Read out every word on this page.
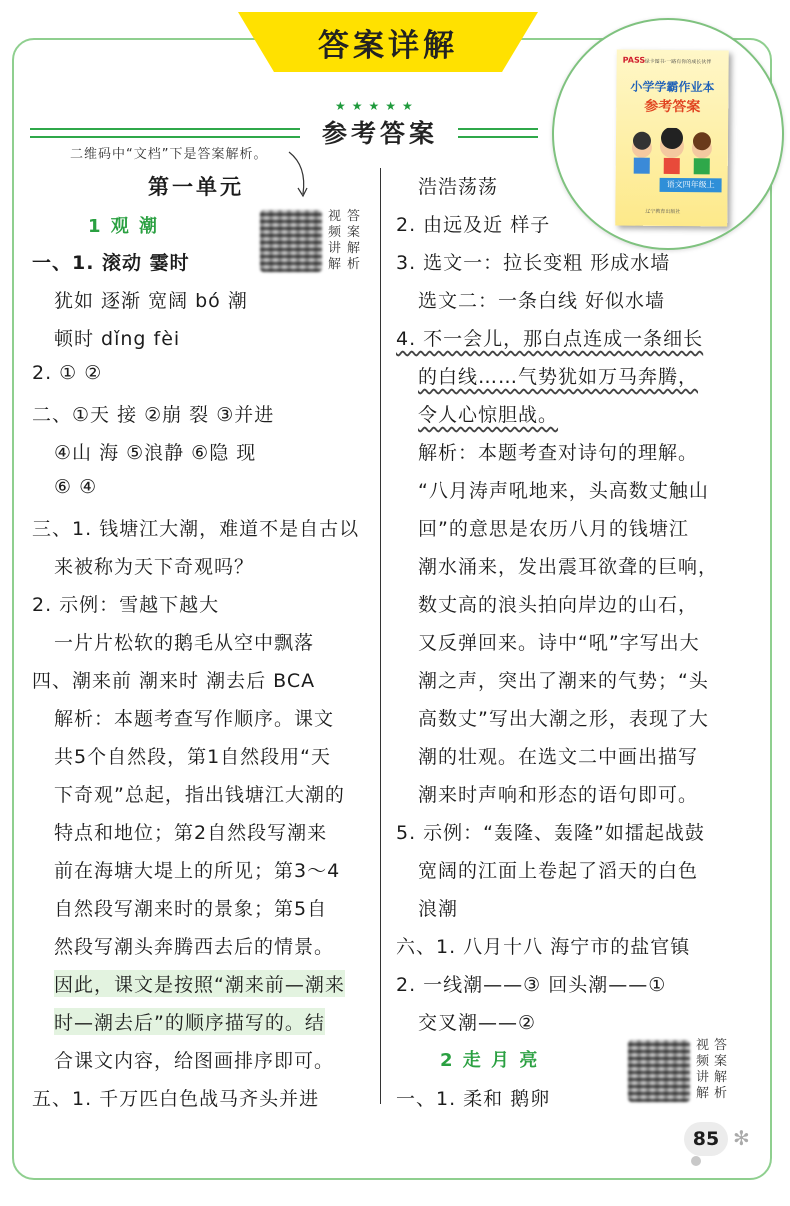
答案详解
★★★★★
参考答案
二维码中“文档”下是答案解析。
PASS 绿卡图书·一路有你的成长伙伴
小学学霸作业本
参考答案
语文四年级上
辽宁教育出版社
第一单元
1 观 潮	视
频
讲
解
答
案
解
析
一、1. 滚动 霎时
犹如 逐渐 宽阔 bó 潮
顿时 dǐng fèi
2. ① ②
二、①天 接 ②崩 裂 ③并进
④山 海 ⑤浪静 ⑥隐 现
⑥ ④
三、1. 钱塘江大潮，难道不是自古以
来被称为天下奇观吗？
2. 示例：雪越下越大
一片片松软的鹅毛从空中飘落
四、潮来前 潮来时 潮去后 BCA
解析：本题考查写作顺序。课文
共5个自然段，第1自然段用“天
下奇观”总起，指出钱塘江大潮的
特点和地位；第2自然段写潮来
前在海塘大堤上的所见；第3～4
自然段写潮来时的景象；第5自
然段写潮头奔腾西去后的情景。
因此，课文是按照“潮来前—潮来
时—潮去后”的顺序描写的。结
合课文内容，给图画排序即可。
五、1. 千万匹白色战马齐头并进
浩浩荡荡
2. 由远及近 样子
3. 选文一：拉长变粗 形成水墙
选文二：一条白线 好似水墙
4. 不一会儿，那白点连成一条细长
的白线……气势犹如万马奔腾，
令人心惊胆战。
解析：本题考查对诗句的理解。
“八月涛声吼地来，头高数丈触山
回”的意思是农历八月的钱塘江
潮水涌来，发出震耳欲聋的巨响，
数丈高的浪头拍向岸边的山石，
又反弹回来。诗中“吼”字写出大
潮之声，突出了潮来的气势；“头
高数丈”写出大潮之形，表现了大
潮的壮观。在选文二中画出描写
潮来时声响和形态的语句即可。
5. 示例：“轰隆、轰隆”如擂起战鼓
宽阔的江面上卷起了滔天的白色
浪潮
六、1. 八月十八 海宁市的盐官镇
2. 一线潮——③ 回头潮——①
交叉潮——②
2 走 月 亮
视
频
讲
解
答
案
解
析
一、1. 柔和 鹅卵
85 ✻
